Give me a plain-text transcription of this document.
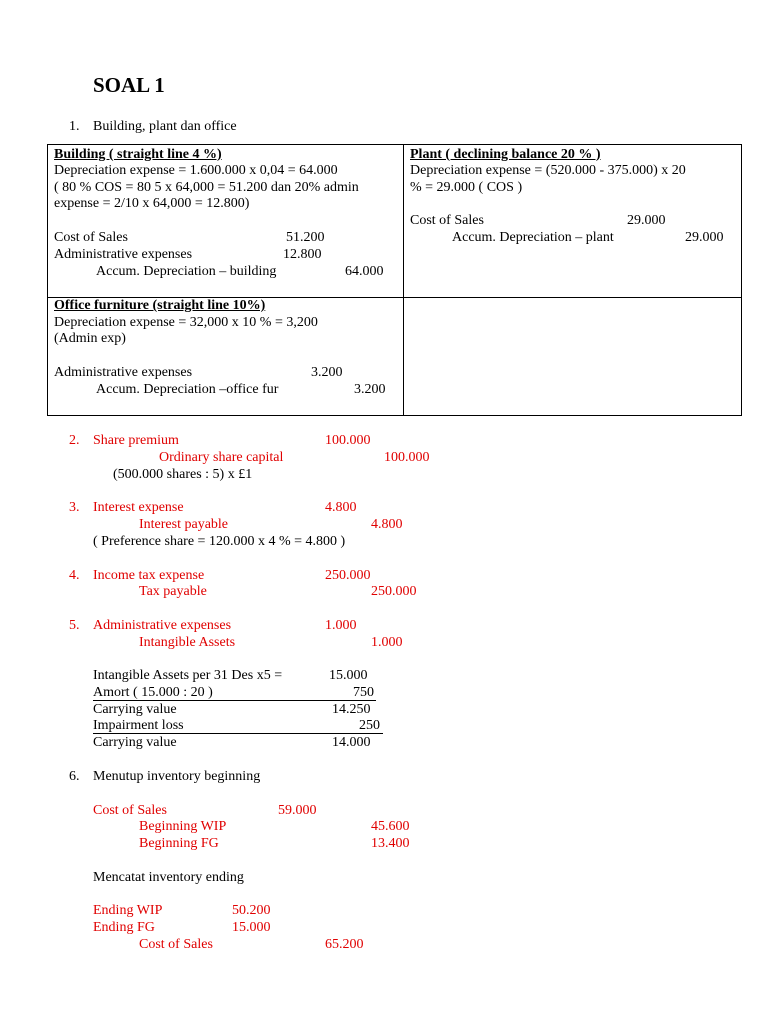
SOAL 1
1. Building, plant dan office
Building ( straight line 4 %)
Depreciation expense = 1.600.000 x 0,04 = 64.000
( 80 % COS = 80 5 x 64,000 = 51.200 dan 20% admin
expense = 2/10 x 64,000 = 12.800)
Cost of Sales	51.200
Administrative expenses	12.800
Accum. Depreciation – building	64.000
Plant ( declining balance 20 % )
Depreciation expense = (520.000 - 375.000) x 20
% = 29.000 ( COS )
Cost of Sales	29.000
Accum. Depreciation – plant	29.000
Office furniture (straight line 10%)
Depreciation expense = 32,000 x 10 % = 3,200
(Admin exp)
Administrative expenses	3.200
Accum. Depreciation –office fur	3.200
2. Share premium	100.000
Ordinary share capital	100.000
(500.000 shares : 5) x £1
3. Interest expense	4.800
Interest payable	4.800
( Preference share = 120.000 x 4 % = 4.800 )
4. Income tax expense	250.000
Tax payable	250.000
5. Administrative expenses	1.000
Intangible Assets	1.000
Intangible Assets per 31 Des x5 =	15.000
Amort ( 15.000 : 20 )	750
Carrying value	14.250
Impairment loss	250
Carrying value	14.000
6. Menutup inventory beginning
Cost of Sales	59.000
Beginning WIP	45.600
Beginning FG	13.400
Mencatat inventory ending
Ending WIP	50.200
Ending FG	15.000
Cost of Sales	65.200
